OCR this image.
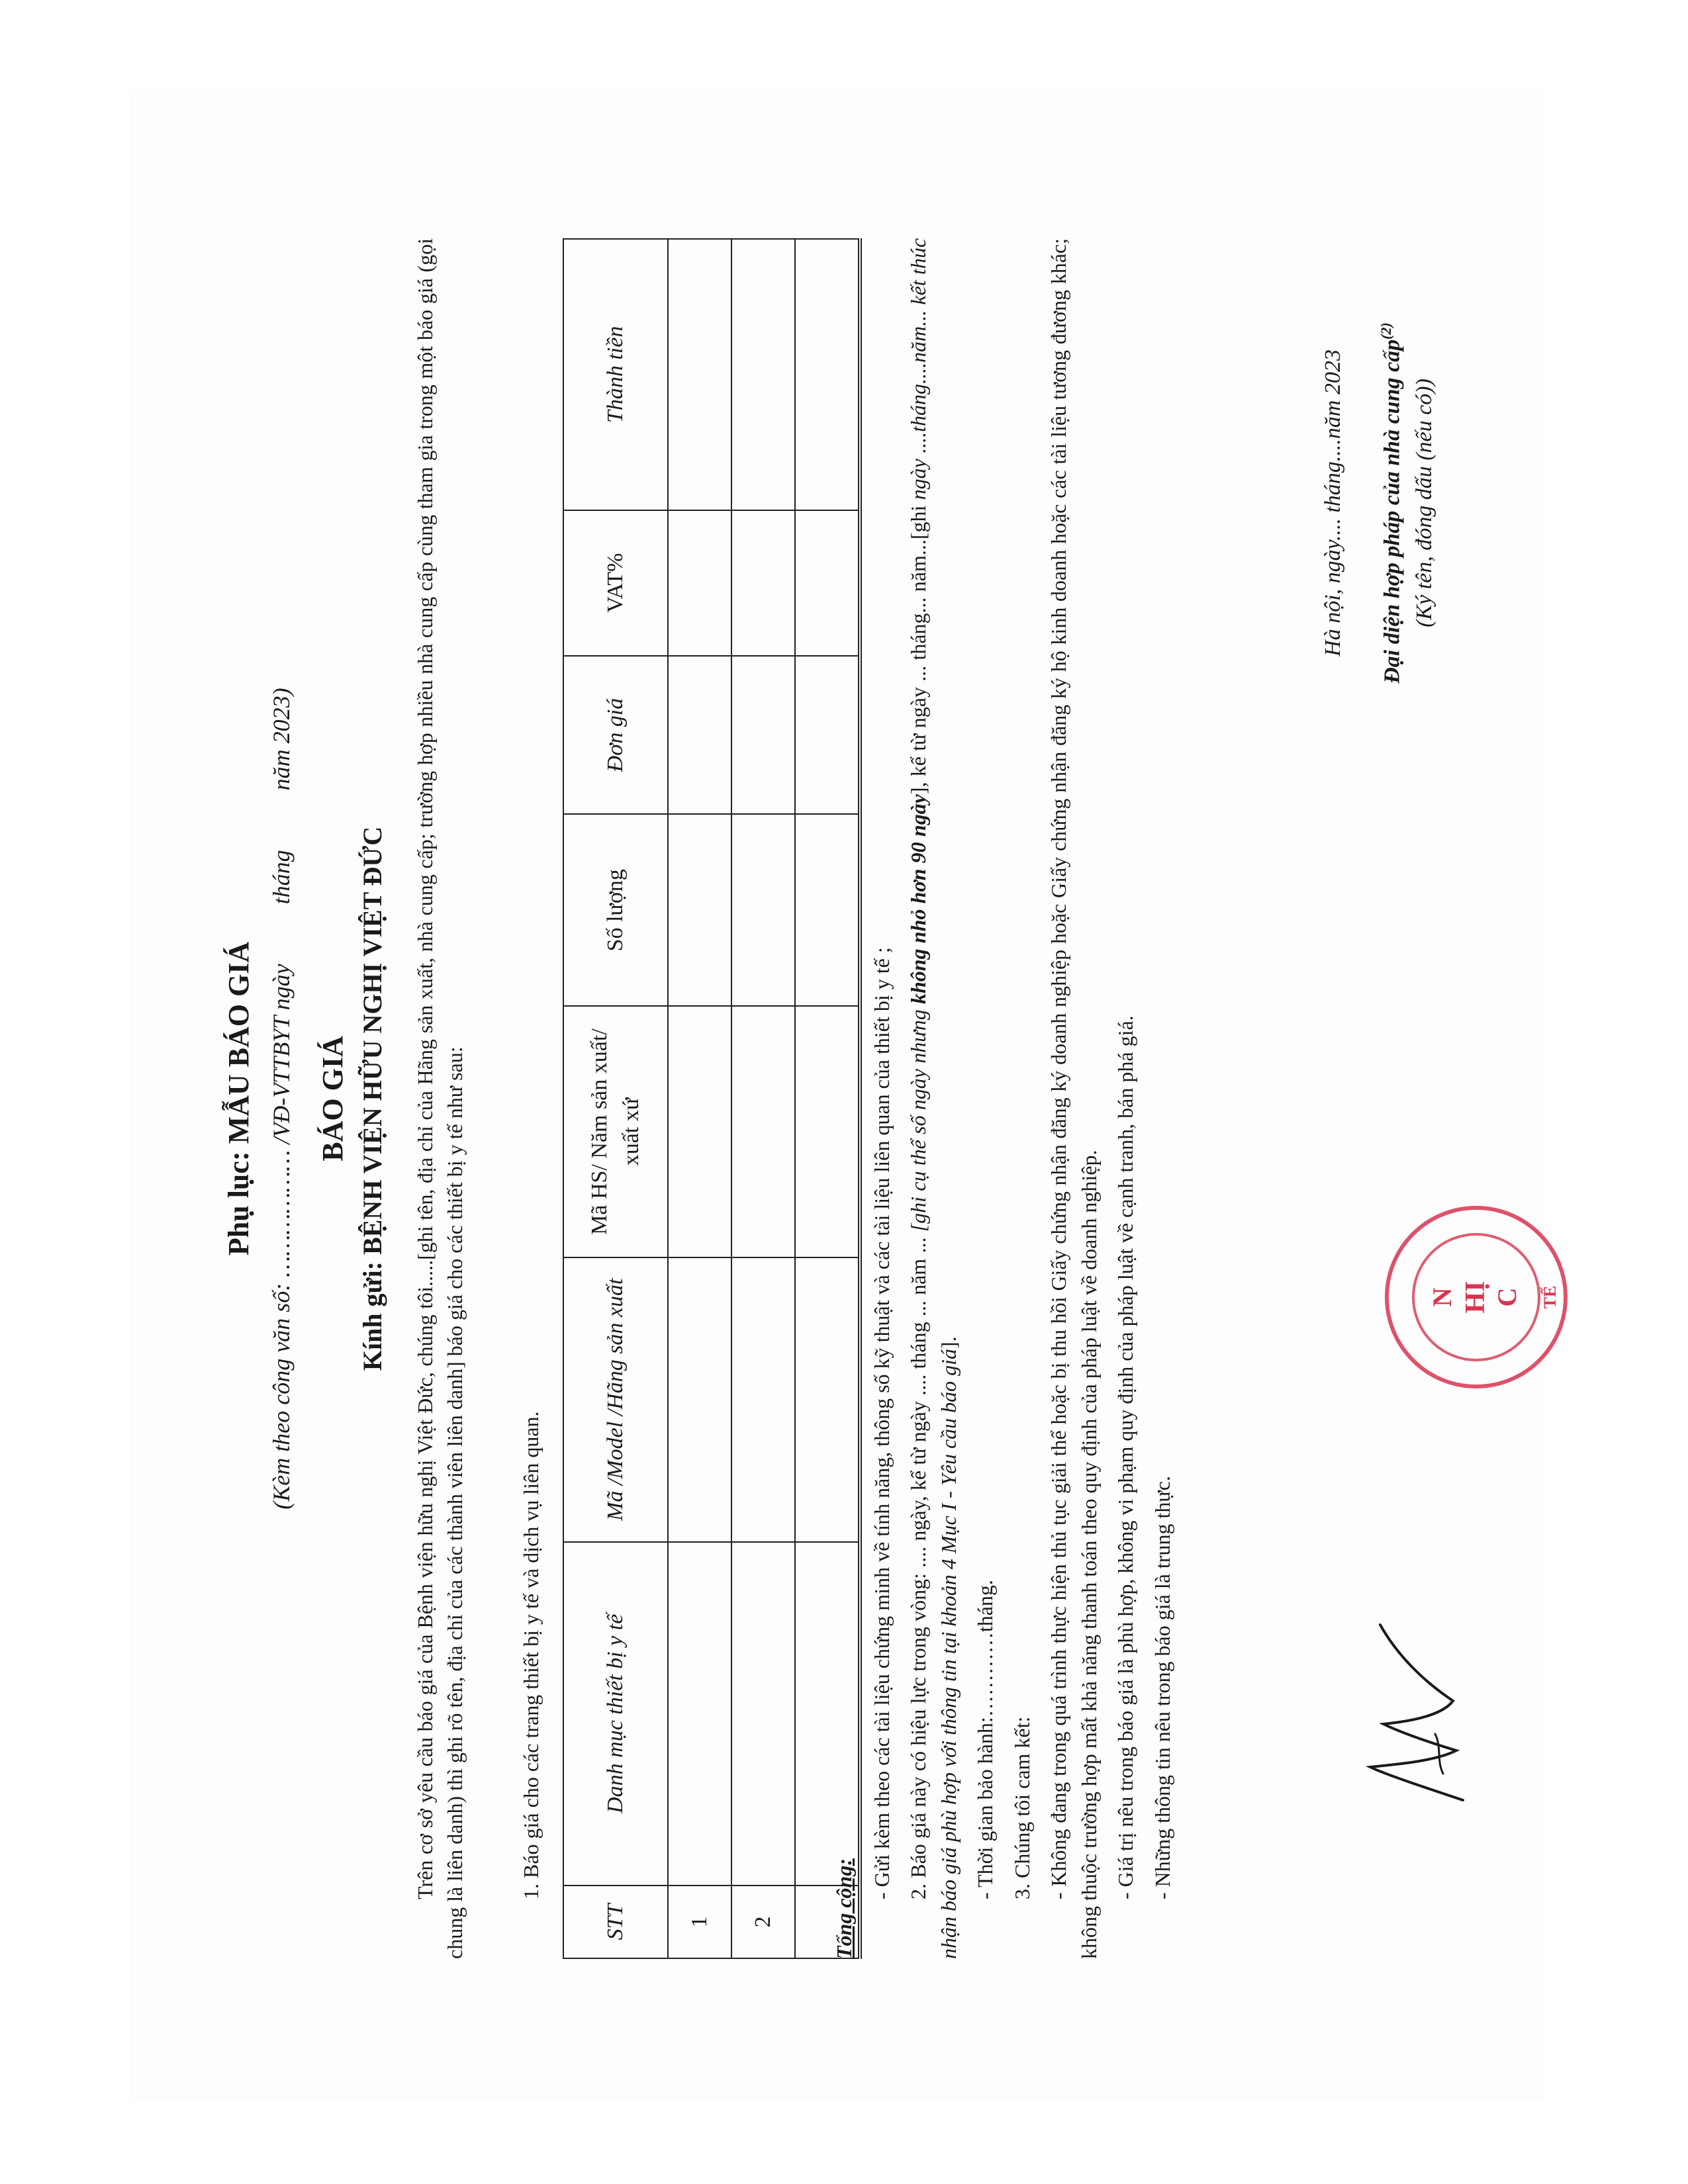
Phụ lục: MẪU BÁO GIÁ (Kèm theo công văn số: ……………… /VĐ-VTTBYT ngàythángnăm 2023)
BÁO GIÁ
Kính gửi: BỆNH VIỆN HỮU NGHỊ VIỆT ĐỨC Trên cơ sở yêu cầu báo giá của Bệnh viện hữu nghị Việt Đức, chúng tôi.....[ghi tên, địa chỉ của Hãng sản xuất, nhà cung cấp; trường hợp nhiều nhà cung cấp cùng tham gia trong một báo giá (gọi chung là liên danh) thì ghi rõ tên, địa chỉ của các thành viên liên danh] báo giá cho các thiết bị y tế như sau: 1. Báo giá cho các trang thiết bị y tế và dịch vụ liên quan.
STT	Danh mục thiết bị y tế	Mã /Model /Hãng sản xuất	Mã HS/ Năm sản xuất/ xuất xứ	Số lượng	Đơn giá	VAT%	Thành tiền
1							
2							
								Tổng cộng:

- Gửi kèm theo các tài liệu chứng minh về tính năng, thông số kỹ thuật và các tài liệu liên quan của thiết bị y tế ; 2. Báo giá này có hiệu lực trong vòng: .... ngày, kể từ ngày .... tháng ... năm ... [ghi cụ thể số ngày nhưng không nhỏ hơn 90 ngày], kể từ ngày ... tháng... năm...[ghi ngày ....tháng....năm... kết thúc nhận báo giá phù hợp với thông tin tại khoản 4 Mục I - Yêu cầu báo giá].

- Thời gian bảo hành:…………tháng. 3. Chúng tôi cam kết: - Không đang trong quá trình thực hiện thủ tục giải thể hoặc bị thu hồi Giấy chứng nhận đăng ký doanh nghiệp hoặc Giấy chứng nhận đăng ký hộ kinh doanh hoặc các tài liệu tương đương khác; không thuộc trường hợp mất khả năng thanh toán theo quy định của pháp luật về doanh nghiệp. - Giá trị nêu trong báo giá là phù hợp, không vi phạm quy định của pháp luật về cạnh tranh, bán phá giá. - Những thông tin nêu trong báo giá là trung thực.

N HỊ C TẾ

Hà nội, ngày.... tháng....năm 2023 Đại diện hợp pháp của nhà cung cấp$^{(2)}$

(Ký tên, đóng dấu (nếu có))
